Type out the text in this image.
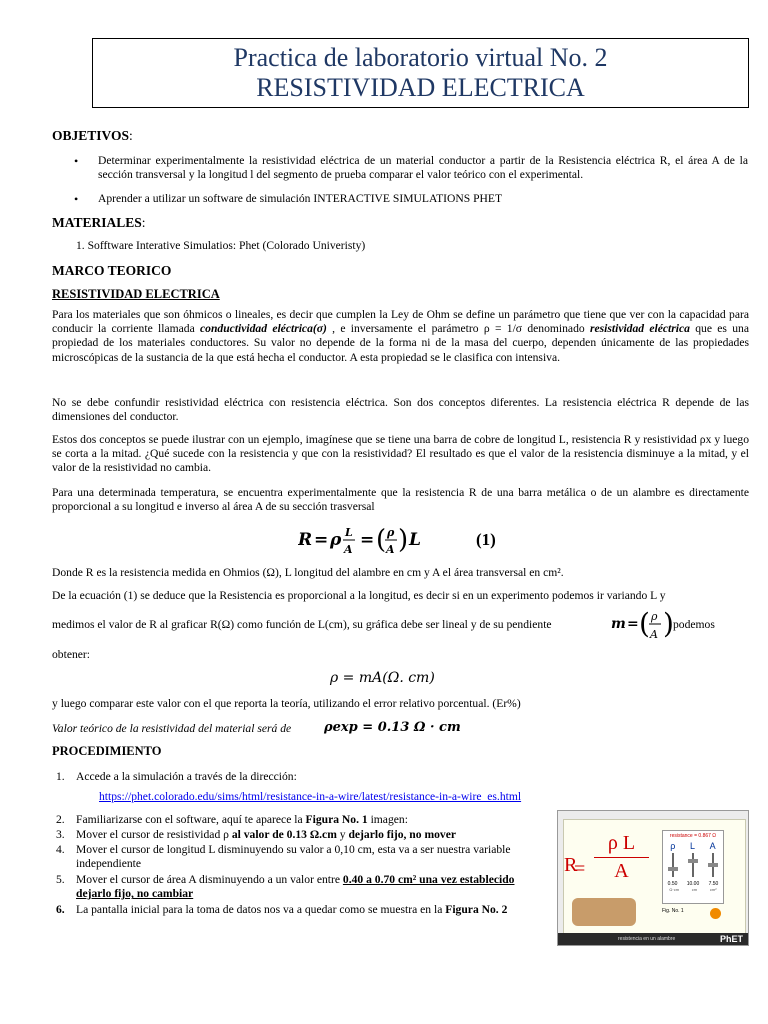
Practica de laboratorio virtual No. 2
RESISTIVIDAD ELECTRICA
OBJETIVOS:
• Determinar experimentalmente la resistividad eléctrica de un material conductor a partir de la Resistencia eléctrica R, el área A de la sección transversal y la longitud l del segmento de prueba comparar el valor teórico con el experimental.
• Aprender a utilizar un software de simulación INTERACTIVE SIMULATIONS PHET
MATERIALES:
1. Sofftware Interative Simulatios: Phet (Colorado Univeristy)
MARCO TEORICO
RESISTIVIDAD ELECTRICA
Para los materiales que son óhmicos o lineales, es decir que cumplen la Ley de Ohm se define un parámetro que tiene que ver con la capacidad para conducir la corriente llamada conductividad eléctrica(σ) , e inversamente el parámetro ρ = 1/σ denominado resistividad eléctrica que es una propiedad de los materiales conductores. Su valor no depende de la forma ni de la masa del cuerpo, dependen únicamente de las propiedades microscópicas de la sustancia de la que está hecha el conductor. A esta propiedad se le clasifica con intensiva.
No se debe confundir resistividad eléctrica con resistencia eléctrica. Son dos conceptos diferentes. La resistencia eléctrica R depende de las dimensiones del conductor.
Estos dos conceptos se puede ilustrar con un ejemplo, imagínese que se tiene una barra de cobre de longitud L, resistencia R y resistividad ρx y luego se corta a la mitad. ¿Qué sucede con la resistencia y que con la resistividad? El resultado es que el valor de la resistencia disminuye a la mitad, y el valor de la resistividad no cambia.
Para una determinada temperatura, se encuentra experimentalmente que la resistencia R de una barra metálica o de un alambre es directamente proporcional a su longitud e inverso al área A de su sección trasversal
R = ρ L
A = ( ρ
A ) L	(1)
Donde R es la resistencia medida en Ohmios (Ω), L longitud del alambre en cm y A el área transversal en cm².
De la ecuación (1) se deduce que la Resistencia es proporcional a la longitud, es decir si en un experimento podemos ir variando L y
medimos el valor de R al graficar R(Ω) como función de L(cm), su gráfica debe ser lineal y de su pendiente	m = ( ρ
A ) podemos
obtener:
ρ = mA(Ω. cm)
y luego comparar este valor con el que reporta la teoría, utilizando el error relativo porcentual. (Er%)
Valor teórico de la resistividad del material será de	ρexp = 0.13 Ω · cm
PROCEDIMIENTO
1. Accede a la simulación a través de la dirección:
https://phet.colorado.edu/sims/html/resistance-in-a-wire/latest/resistance-in-a-wire_es.html
2. Familiarizarse con el software, aquí te aparece la Figura No. 1 imagen:
3. Mover el cursor de resistividad ρ al valor de 0.13 Ω.cm y dejarlo fijo, no mover
4. Mover el cursor de longitud L disminuyendo su valor a 0,10 cm, esta va a ser nuestra variable independiente
5. Mover el cursor de área A disminuyendo a un valor entre 0.40 a 0.70 cm² una vez establecido dejarlo fijo, no cambiar
6. La pantalla inicial para la toma de datos nos va a quedar como se muestra en la Figura No. 2
R
=
ρ L
A
resistance = 0.867 Ω
ρ L A
0.50 10.00 7.50
Ω·cm	cm	cm²
Fig. No. 1
resistencia en un alambre	PhET
